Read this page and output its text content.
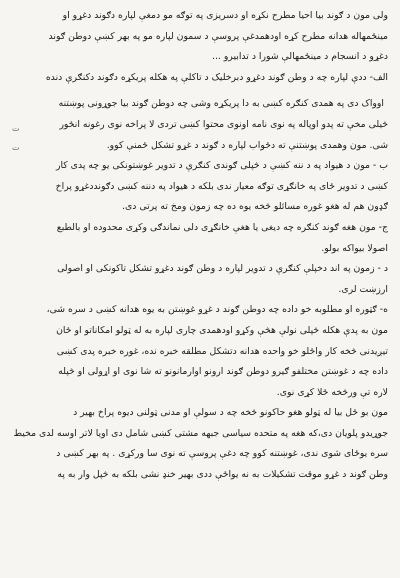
ولی مون د ګوند بیا احیا مطرح نکړه او دسریزی په توګه مو دمغې لپاره دګوند دغړو او
مینځمهاله هدانه مطرح کړه اودهمدغې پروسې د سمون لپاره مو په بهر کښې دوطن ګوند
دغړو د انسجام د مینځمهالې شورا د تدابیرو ...
الف- ددې لپاره چه د وطن ګوند دغړو دبرخلیک د تاکلې په هکله پریکړه دګوند دکنګرې دنده
اوواک دی په همدی کنګره کښی به دا پریکړه وشی چه دوطن ګوند بیا جوړونی پوښتنه
څیلی مخې ته پدو اوپاله په نوی نامه اونوی محتوا کښی تردی لا پراخه نوی رغونه انځور
شی. مون وهمدی پوښتنې ته دځواب لپاره د ګوند د غړو تشکل ځمنې کوو.
ب - مون د هیواد په د ننه کښې د څپلی ګوندی کنګرې د تدویر غوښتونکی یو چه پدی کار
کښی د تدویر ځای په خانګړی توګه معیار ندی بلکه د هیواد په دننه کښی دګونددغړو پراخ
ګډون هم له هغو غوره مسائلو څخه یوه ده چه زمون ومخ ته پرتی دی.
ج- مون هغه ګوند کنګره چه دیغی یا هغې خانګړی دلی نماندګی وکړی محدوده او بالطبع
اصولا بیواکه بولو.
د - زمون په اند دخپلې کنګرې د تدویر لپاره د وطن ګوند دغړو تشکل تاکونکی او اصولی
ارزښت لری.
ه- ګټوره او مطلوبه خو داده چه دوطن ګوند د غړو غوښتن به یوه هدانه کښی د سره شی،
مون به پدې هکله څپلی نولې هڅې وکړو اودهمدی چاری لپاره به له ټولو امکاناتو او ځان
تیږیدنی څخه کار واځلو خو واحده هدانه دتشکل مطلقه خبره نده، غوره خبره پدی کښی
داده چه د غوښتن مختلفو ګیرو دوطن ګوند ارونو اوارمانونو ته شا نوی او اړولی او څپله
لاره تې ورڅخه ځلا کړی نوی.
مون بو ځل بیا له ټولو هغو حاکونو څخه چه د سولې او مدنی ټولنی دیوه پراخ بهیر د
جوړیدو پلویان دی،که هغه په متحده سیاسی جبهه مشتی کښی شامل دی اویا لاتر اوسه لدی مخیط
سره یوځای شوی ندی، غوښتنه کوو چه دغې پروسې ته نوی سا ورکړی . په بهر کښی د
وطن ګوند د غړو موقت تشکیلات به نه یواځې ددی بهیر خنډ نشی بلکه به څپل وار به په
ت
ت
